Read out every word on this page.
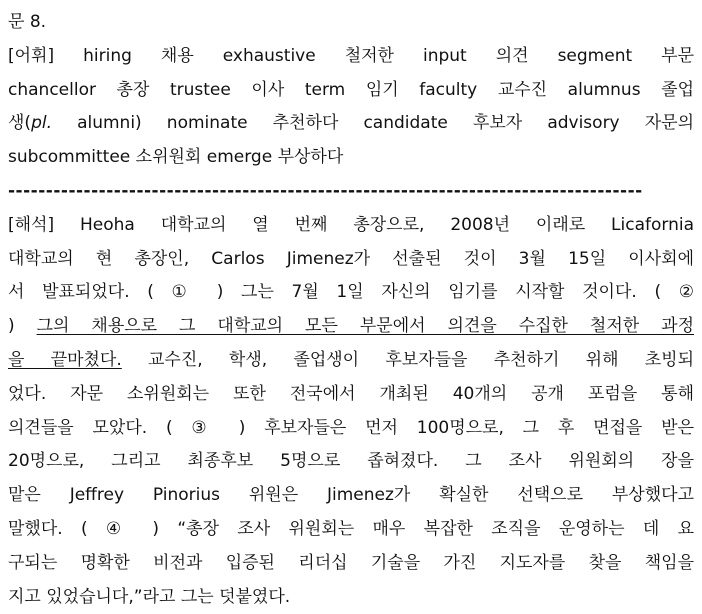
문 8.
[어휘] hiring 채용 exhaustive 철저한 input 의견 segment 부문
chancellor 총장 trustee 이사 term 임기 faculty 교수진 alumnus 졸업
생(pl. alumni) nominate 추천하다 candidate 후보자 advisory 자문의
subcommittee 소위원회 emerge 부상하다
------------------------------------------------------------------------------------
[해석] Heoha 대학교의 열 번째 총장으로, 2008년 이래로 Licafornia
대학교의 현 총장인, Carlos Jimenez가 선출된 것이 3월 15일 이사회에
서 발표되었다. ( ① ) 그는 7월 1일 자신의 임기를 시작할 것이다. ( ②
) 그의 채용으로 그 대학교의 모든 부문에서 의견을 수집한 철저한 과정
을 끝마쳤다. 교수진, 학생, 졸업생이 후보자들을 추천하기 위해 초빙되
었다. 자문 소위원회는 또한 전국에서 개최된 40개의 공개 포럼을 통해
의견들을 모았다. ( ③ ) 후보자들은 먼저 100명으로, 그 후 면접을 받은
20명으로, 그리고 최종후보 5명으로 좁혀졌다. 그 조사 위원회의 장을
맡은 Jeffrey Pinorius 위원은 Jimenez가 확실한 선택으로 부상했다고
말했다. ( ④ ) “총장 조사 위원회는 매우 복잡한 조직을 운영하는 데 요
구되는 명확한 비전과 입증된 리더십 기술을 가진 지도자를 찾을 책임을
지고 있었습니다,”라고 그는 덧붙였다.
